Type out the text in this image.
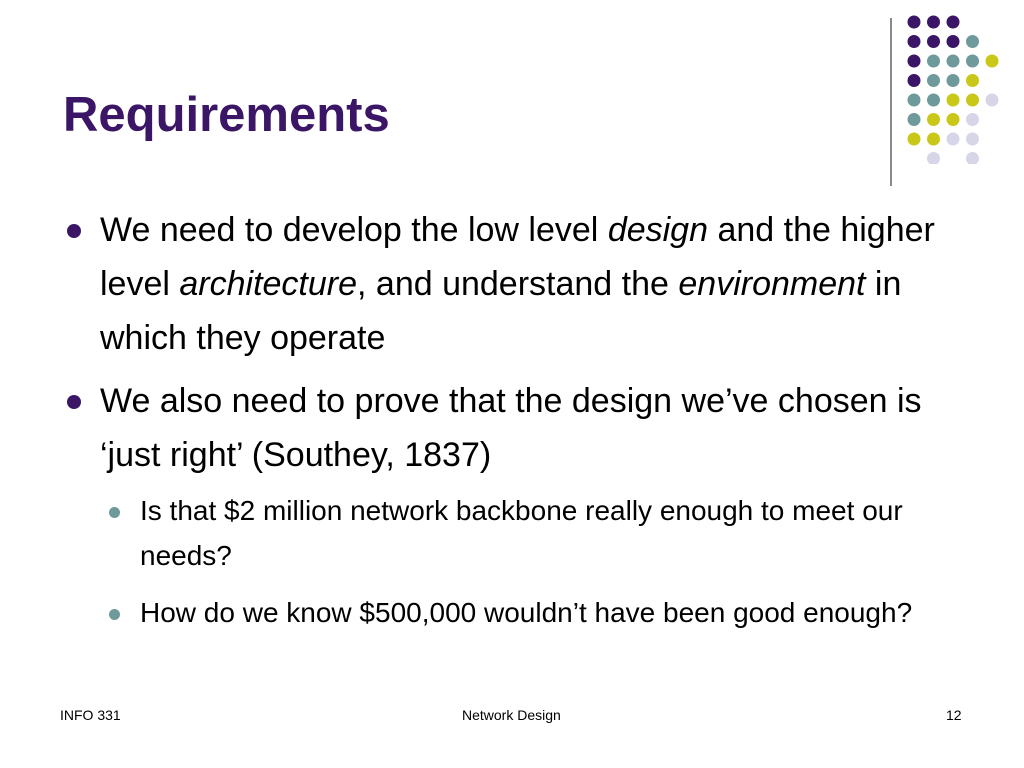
Requirements
We need to develop the low level design and the higher level architecture, and understand the environment in which they operate
We also need to prove that the design we’ve chosen is ‘just right’ (Southey, 1837)
Is that $2 million network backbone really enough to meet our needs?
How do we know $500,000 wouldn’t have been good enough?
INFO 331	Network Design	12
